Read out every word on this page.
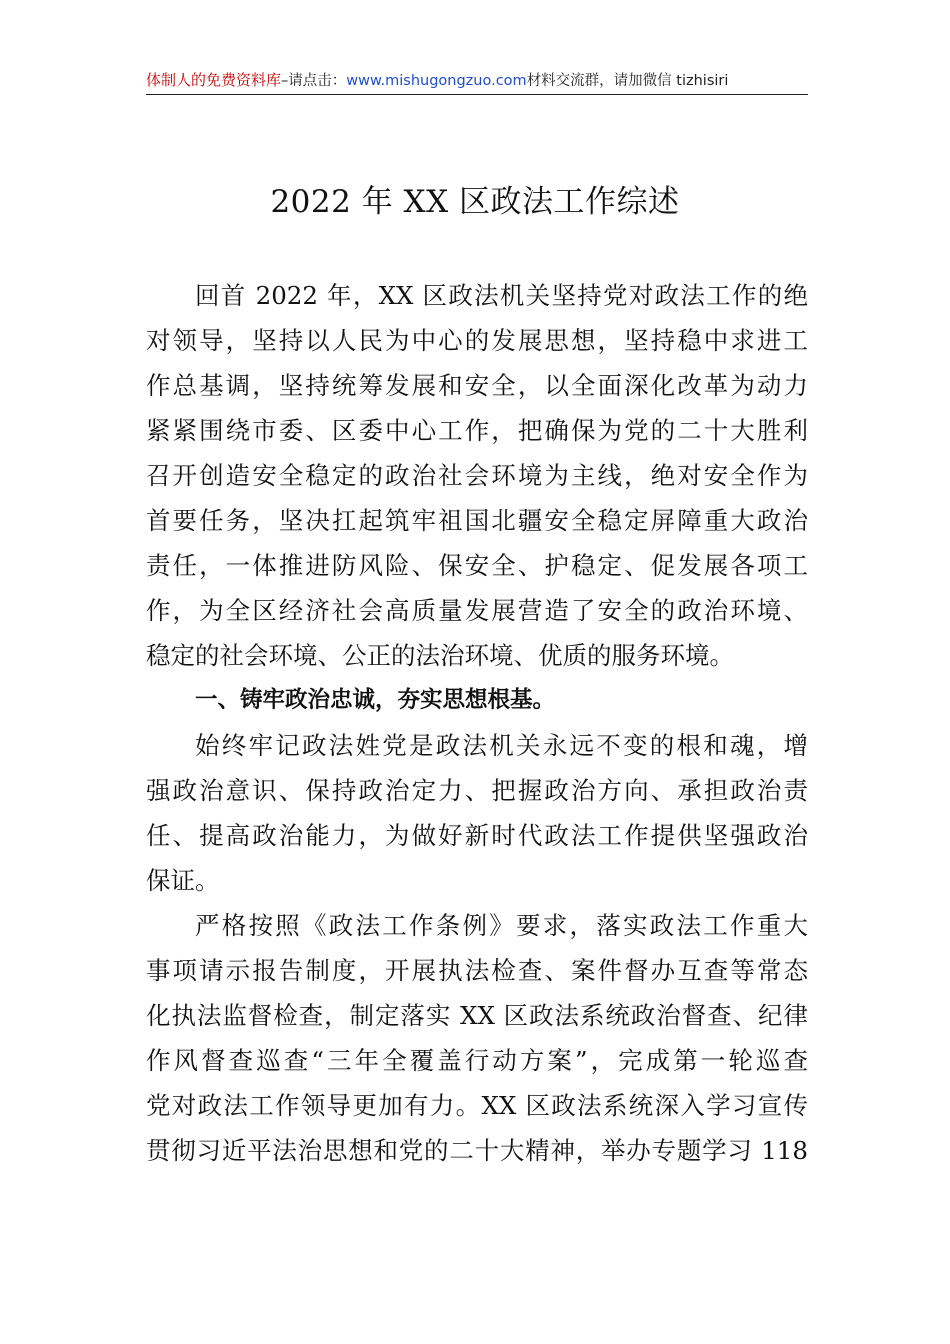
体制人的免费资料库–请点击：www.mishugongzuo.com材料交流群，请加微信 tizhisiri
2022 年 XX 区政法工作综述
回首 2022 年，XX 区政法机关坚持党对政法工作的绝
对领导，坚持以人民为中心的发展思想，坚持稳中求进工
作总基调，坚持统筹发展和安全，以全面深化改革为动力
紧紧围绕市委、区委中心工作，把确保为党的二十大胜利
召开创造安全稳定的政治社会环境为主线，绝对安全作为
首要任务，坚决扛起筑牢祖国北疆安全稳定屏障重大政治
责任，一体推进防风险、保安全、护稳定、促发展各项工
作，为全区经济社会高质量发展营造了安全的政治环境、
稳定的社会环境、公正的法治环境、优质的服务环境。
一、铸牢政治忠诚，夯实思想根基。
始终牢记政法姓党是政法机关永远不变的根和魂，增
强政治意识、保持政治定力、把握政治方向、承担政治责
任、提高政治能力，为做好新时代政法工作提供坚强政治
保证。
严格按照《政法工作条例》要求，落实政法工作重大
事项请示报告制度，开展执法检查、案件督办互查等常态
化执法监督检查，制定落实 XX 区政法系统政治督查、纪律
作风督查巡查“三年全覆盖行动方案”，完成第一轮巡查
党对政法工作领导更加有力。XX 区政法系统深入学习宣传
贯彻习近平法治思想和党的二十大精神，举办专题学习 118
